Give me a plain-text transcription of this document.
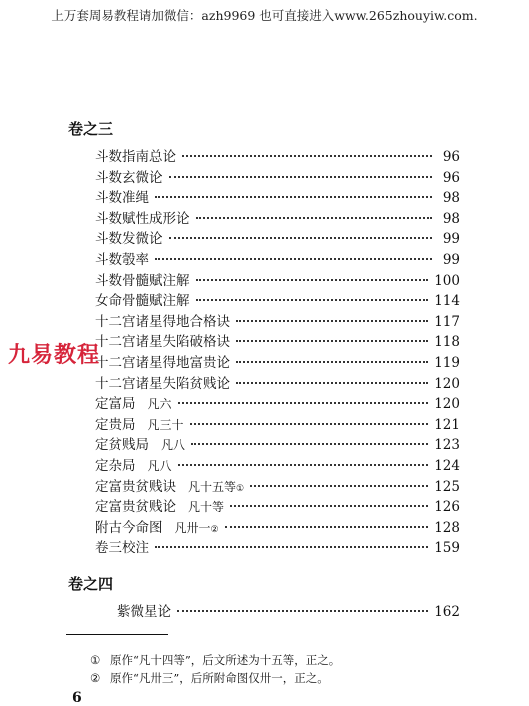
上万套周易教程请加微信：azh9969 也可直接进入www.265zhouyiw.com.
卷之三
斗数指南总论	96
斗数玄微论	96
斗数准绳	98
斗数赋性成形论	98
斗数发微论	99
斗数彀率	99
斗数骨髓赋注解	100
女命骨髓赋注解	114
十二宫诸星得地合格诀	117
十二宫诸星失陷破格诀	118
十二宫诸星得地富贵论	119
十二宫诸星失陷贫贱论	120
定富局 凡六	120
定贵局 凡三十	121
定贫贱局 凡八	123
定杂局 凡八	124
定富贵贫贱诀 凡十五等 ①	125
定富贵贫贱论 凡十等	126
附古今命图 凡卅一 ②	128
卷三校注	159
卷之四
紫微星论	162
九易教程
① 原作“凡十四等”，后文所述为十五等，正之。
② 原作“凡卅三”，后所附命图仅卅一，正之。
6
